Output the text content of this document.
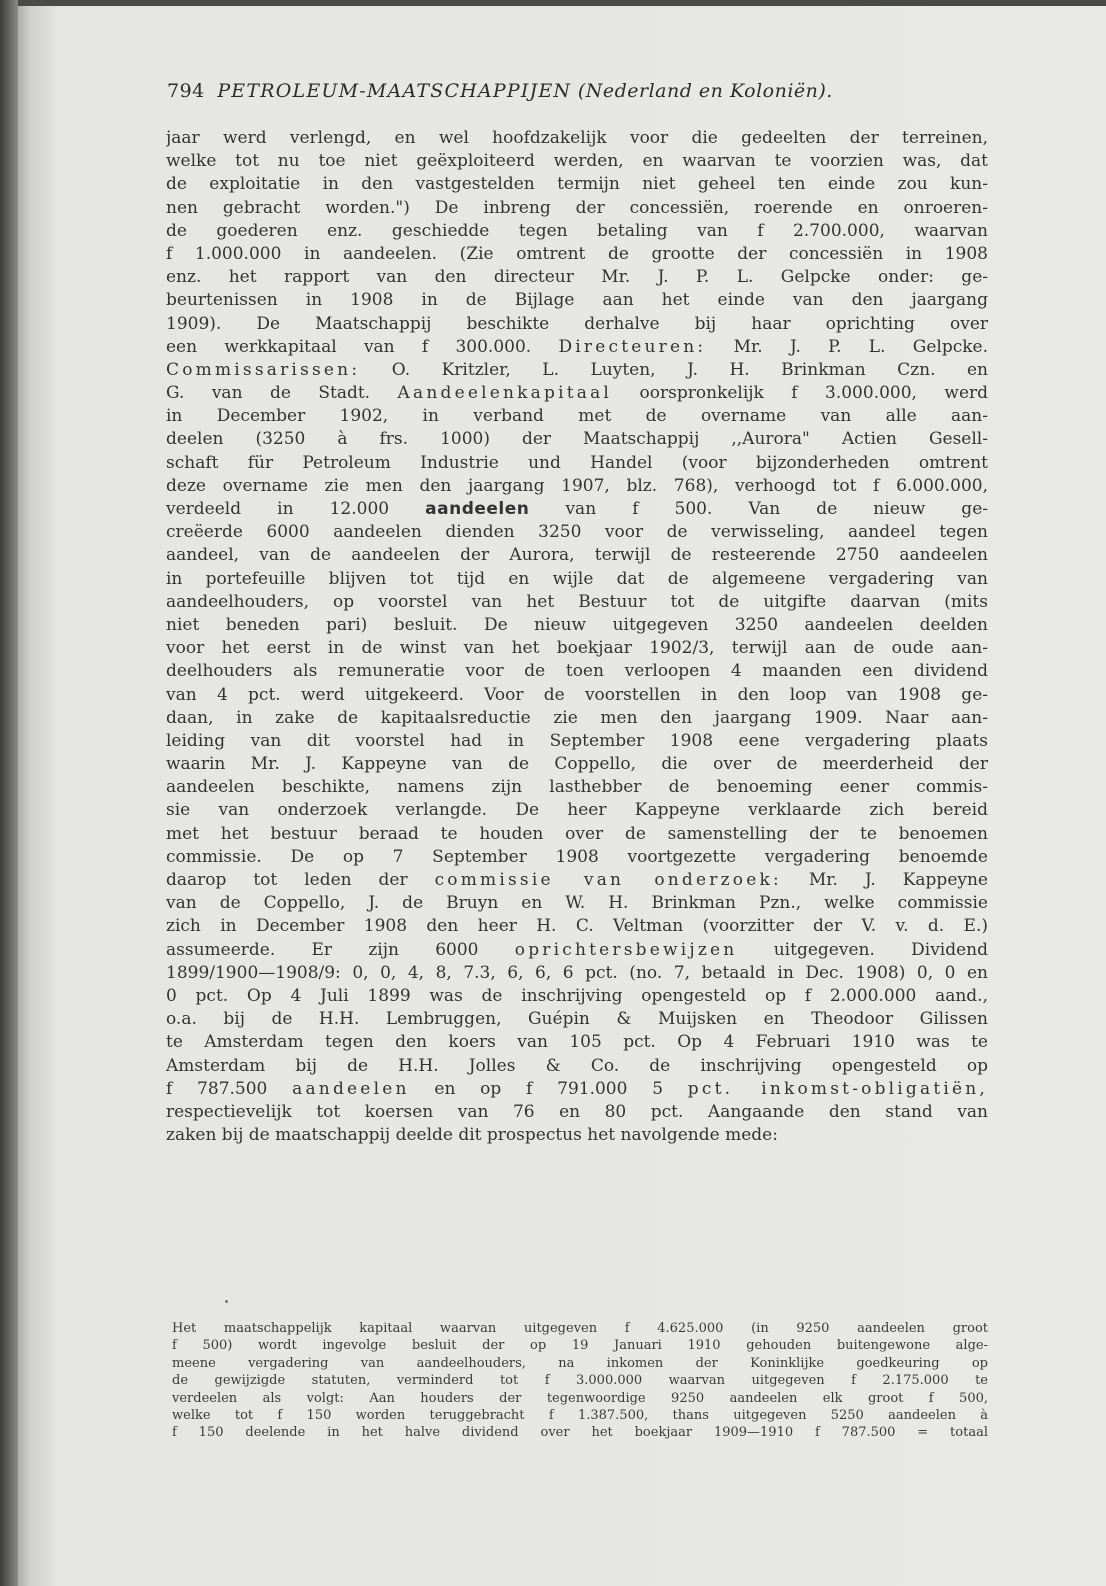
794 PETROLEUM-MAATSCHAPPIJEN (Nederland en Koloniën).
jaar werd verlengd, en wel hoofdzakelijk voor die gedeelten der terreinen,
welke tot nu toe niet geëxploiteerd werden, en waarvan te voorzien was, dat
de exploitatie in den vastgestelden termijn niet geheel ten einde zou kun-
nen gebracht worden.") De inbreng der concessiën, roerende en onroeren-
de goederen enz. geschiedde tegen betaling van f 2.700.000, waarvan
f 1.000.000 in aandeelen. (Zie omtrent de grootte der concessiën in 1908
enz. het rapport van den directeur Mr. J. P. L. Gelpcke onder: ge-
beurtenissen in 1908 in de Bijlage aan het einde van den jaargang
1909). De Maatschappij beschikte derhalve bij haar oprichting over
een werkkapitaal van f 300.000. Directeuren: Mr. J. P. L. Gelpcke.
Commissarissen: O. Kritzler, L. Luyten, J. H. Brinkman Czn. en
G. van de Stadt. Aandeelenkapitaal oorspronkelijk f 3.000.000, werd
in December 1902, in verband met de overname van alle aan-
deelen (3250 à frs. 1000) der Maatschappij ,,Aurora" Actien Gesell-
schaft für Petroleum Industrie und Handel (voor bijzonderheden omtrent
deze overname zie men den jaargang 1907, blz. 768), verhoogd tot f 6.000.000,
verdeeld in 12.000 aandeelen van f 500. Van de nieuw ge-
creëerde 6000 aandeelen dienden 3250 voor de verwisseling, aandeel tegen
aandeel, van de aandeelen der Aurora, terwijl de resteerende 2750 aandeelen
in portefeuille blijven tot tijd en wijle dat de algemeene vergadering van
aandeelhouders, op voorstel van het Bestuur tot de uitgifte daarvan (mits
niet beneden pari) besluit. De nieuw uitgegeven 3250 aandeelen deelden
voor het eerst in de winst van het boekjaar 1902/3, terwijl aan de oude aan-
deelhouders als remuneratie voor de toen verloopen 4 maanden een dividend
van 4 pct. werd uitgekeerd. Voor de voorstellen in den loop van 1908 ge-
daan, in zake de kapitaalsreductie zie men den jaargang 1909. Naar aan-
leiding van dit voorstel had in September 1908 eene vergadering plaats
waarin Mr. J. Kappeyne van de Coppello, die over de meerderheid der
aandeelen beschikte, namens zijn lasthebber de benoeming eener commis-
sie van onderzoek verlangde. De heer Kappeyne verklaarde zich bereid
met het bestuur beraad te houden over de samenstelling der te benoemen
commissie. De op 7 September 1908 voortgezette vergadering benoemde
daarop tot leden der commissie van onderzoek: Mr. J. Kappeyne
van de Coppello, J. de Bruyn en W. H. Brinkman Pzn., welke commissie
zich in December 1908 den heer H. C. Veltman (voorzitter der V. v. d. E.)
assumeerde. Er zijn 6000 oprichtersbewijzen uitgegeven. Dividend
1899/1900—1908/9: 0, 0, 4, 8, 7.3, 6, 6, 6 pct. (no. 7, betaald in Dec. 1908) 0, 0 en
0 pct. Op 4 Juli 1899 was de inschrijving opengesteld op f 2.000.000 aand.,
o.a. bij de H.H. Lembruggen, Guépin & Muijsken en Theodoor Gilissen
te Amsterdam tegen den koers van 105 pct. Op 4 Februari 1910 was te
Amsterdam bij de H.H. Jolles & Co. de inschrijving opengesteld op
f 787.500 aandeelen en op f 791.000 5 pct. inkomst-obligatiën,
respectievelijk tot koersen van 76 en 80 pct. Aangaande den stand van
zaken bij de maatschappij deelde dit prospectus het navolgende mede:
Het maatschappelijk kapitaal waarvan uitgegeven f 4.625.000 (in 9250 aandeelen groot
f 500) wordt ingevolge besluit der op 19 Januari 1910 gehouden buitengewone alge-
meene vergadering van aandeelhouders, na inkomen der Koninklijke goedkeuring op
de gewijzigde statuten, verminderd tot f 3.000.000 waarvan uitgegeven f 2.175.000 te
verdeelen als volgt: Aan houders der tegenwoordige 9250 aandeelen elk groot f 500,
welke tot f 150 worden teruggebracht f 1.387.500, thans uitgegeven 5250 aandeelen à
f 150 deelende in het halve dividend over het boekjaar 1909—1910 f 787.500 = totaal
